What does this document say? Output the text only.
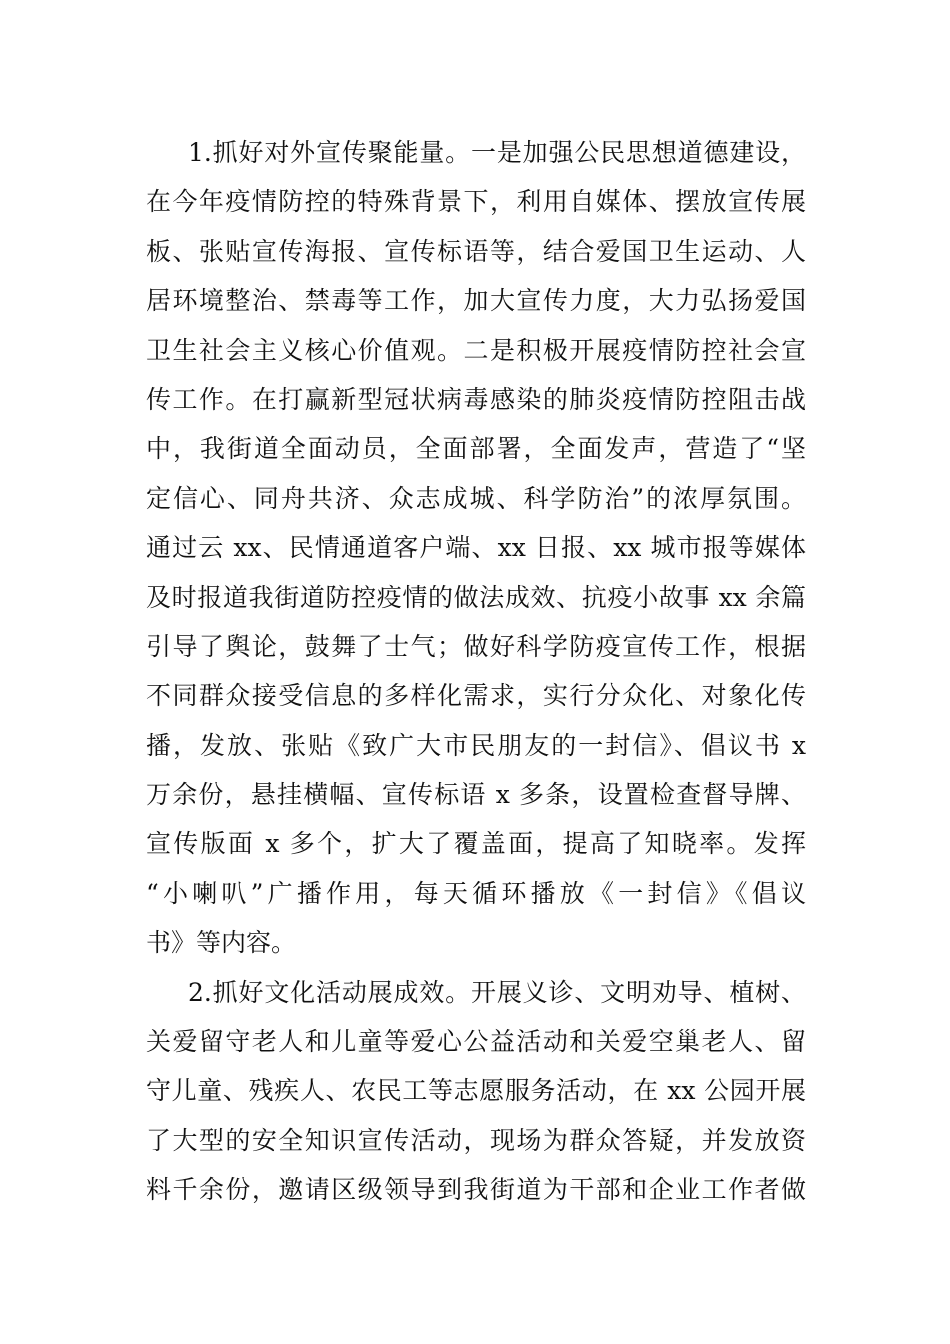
1.抓好对外宣传聚能量。一是加强公民思想道德建设，
在今年疫情防控的特殊背景下，利用自媒体、摆放宣传展
板、张贴宣传海报、宣传标语等，结合爱国卫生运动、人
居环境整治、禁毒等工作，加大宣传力度，大力弘扬爱国
卫生社会主义核心价值观。二是积极开展疫情防控社会宣
传工作。在打赢新型冠状病毒感染的肺炎疫情防控阻击战
中，我街道全面动员，全面部署，全面发声，营造了“坚
定信心、同舟共济、众志成城、科学防治”的浓厚氛围。
通过云 xx、民情通道客户端、xx 日报、xx 城市报等媒体
及时报道我街道防控疫情的做法成效、抗疫小故事 xx 余篇
引导了舆论，鼓舞了士气；做好科学防疫宣传工作，根据
不同群众接受信息的多样化需求，实行分众化、对象化传
播，发放、张贴《致广大市民朋友的一封信》、倡议书 x
万余份，悬挂横幅、宣传标语 x 多条，设置检查督导牌、
宣传版面 x 多个，扩大了覆盖面，提高了知晓率。发挥
“小喇叭”广播作用，每天循环播放《一封信》《倡议
书》等内容。
2.抓好文化活动展成效。开展义诊、文明劝导、植树、
关爱留守老人和儿童等爱心公益活动和关爱空巢老人、留
守儿童、残疾人、农民工等志愿服务活动，在 xx 公园开展
了大型的安全知识宣传活动，现场为群众答疑，并发放资
料千余份，邀请区级领导到我街道为干部和企业工作者做
